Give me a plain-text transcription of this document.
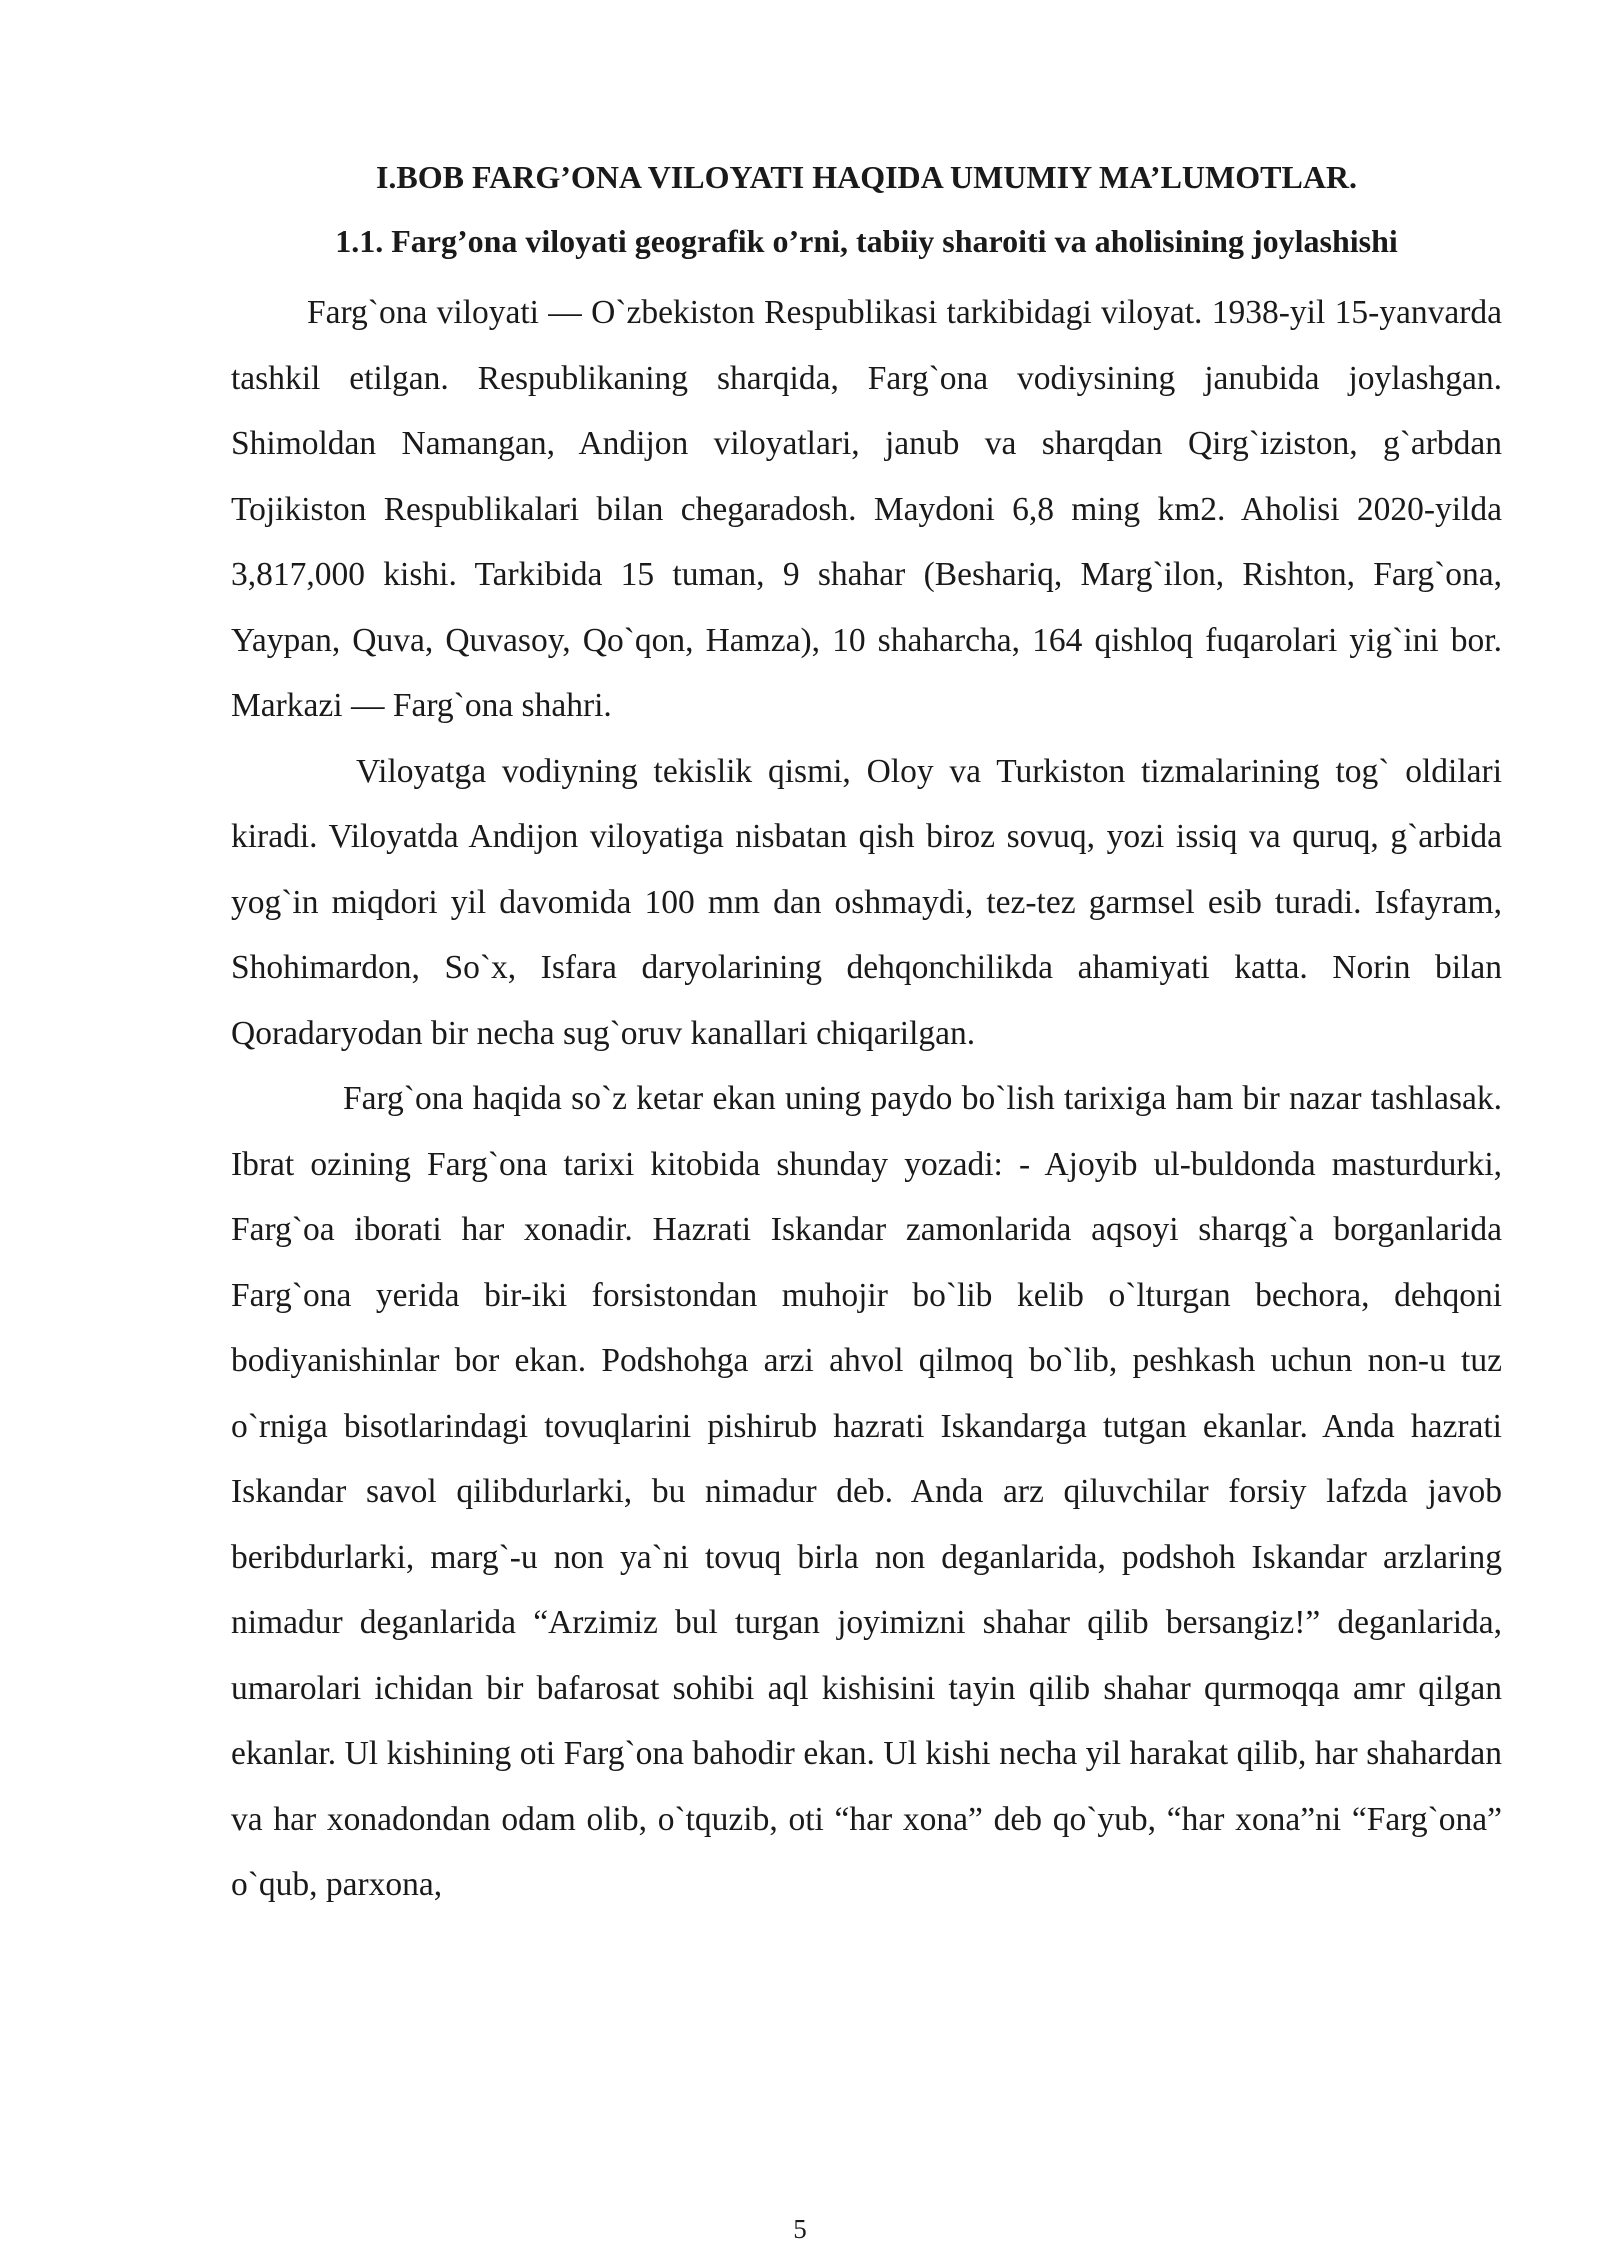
I.BOB FARG’ONA VILOYATI HAQIDA UMUMIY MA’LUMOTLAR.
1.1. Farg’ona viloyati geografik o’rni, tabiiy sharoiti va aholisining joylashishi

Farg`ona viloyati — O`zbekiston Respublikasi tarkibidagi viloyat. 1938-yil 15-yanvarda tashkil etilgan. Respublikaning sharqida, Farg`ona vodiysining janubida joylashgan. Shimoldan Namangan, Andijon viloyatlari, janub va sharqdan Qirg`iziston, g`arbdan Tojikiston Respublikalari bilan chegaradosh. Maydoni 6,8 ming km2. Aholisi 2020-yilda 3,817,000 kishi. Tarkibida 15 tuman, 9 shahar (Beshariq, Marg`ilon, Rishton, Farg`ona, Yaypan, Quva, Quvasoy, Qo`qon, Hamza), 10 shaharcha, 164 qishloq fuqarolari yig`ini bor. Markazi — Farg`ona shahri.

Viloyatga vodiyning tekislik qismi, Oloy va Turkiston tizmalarining tog` oldilari kiradi. Viloyatda Andijon viloyatiga nisbatan qish biroz sovuq, yozi issiq va quruq, g`arbida yog`in miqdori yil davomida 100 mm dan oshmaydi, tez-tez garmsel esib turadi. Isfayram, Shohimardon, So`x, Isfara daryolarining dehqonchilikda ahamiyati katta. Norin bilan Qoradaryodan bir necha sug`oruv kanallari chiqarilgan.

Farg`ona haqida so`z ketar ekan uning paydo bo`lish tarixiga ham bir nazar tashlasak. Ibrat ozining Farg`ona tarixi kitobida shunday yozadi: - Ajoyib ul-buldonda masturdurki, Farg`oa iborati har xonadir. Hazrati Iskandar zamonlarida aqsoyi sharqg`a borganlarida Farg`ona yerida bir-iki forsistondan muhojir bo`lib kelib o`lturgan bechora, dehqoni bodiyanishinlar bor ekan. Podshohga arzi ahvol qilmoq bo`lib, peshkash uchun non-u tuz o`rniga bisotlarindagi tovuqlarini pishirub hazrati Iskandarga tutgan ekanlar. Anda hazrati Iskandar savol qilibdurlarki, bu nimadur deb. Anda arz qiluvchilar forsiy lafzda javob beribdurlarki, marg`-u non ya`ni tovuq birla non deganlarida, podshoh Iskandar arzlaring nimadur deganlarida “Arzimiz bul turgan joyimizni shahar qilib bersangiz!” deganlarida, umarolari ichidan bir bafarosat sohibi aql kishisini tayin qilib shahar qurmoqqa amr qilgan ekanlar. Ul kishining oti Farg`ona bahodir ekan. Ul kishi necha yil harakat qilib, har shahardan va har xonadondan odam olib, o`tquzib, oti “har xona” deb qo`yub, “har xona”ni “Farg`ona” o`qub, parxona,

5
